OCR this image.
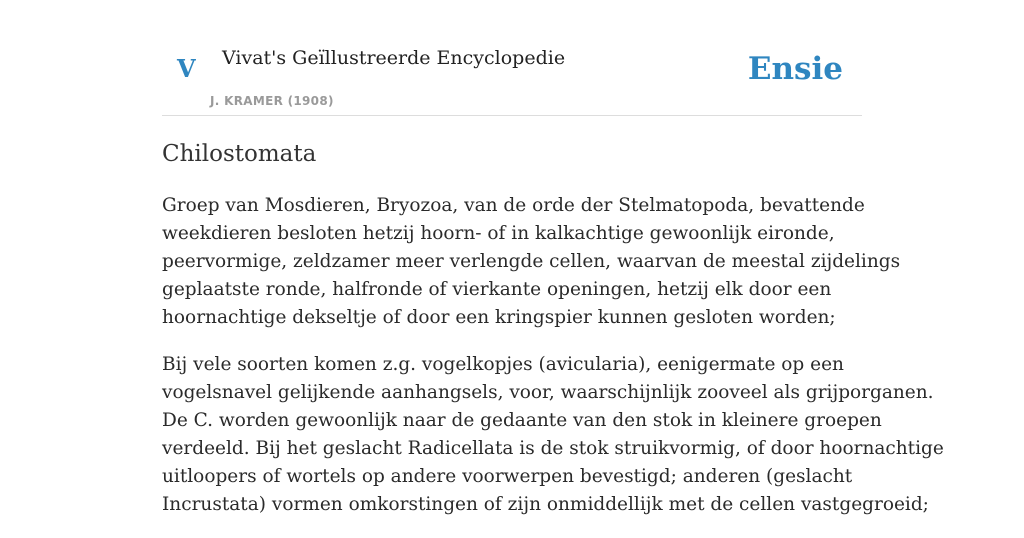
V Vivat's Geïllustreerde Encyclopedie
J. KRAMER (1908)
Ensie
Chilostomata

Groep van Mosdieren, Bryozoa, van de orde der Stelmatopoda, bevattende
weekdieren besloten hetzij hoorn- of in kalkachtige gewoonlijk eironde,
peervormige, zeldzamer meer verlengde cellen, waarvan de meestal zijdelings
geplaatste ronde, halfronde of vierkante openingen, hetzij elk door een
hoornachtige dekseltje of door een kringspier kunnen gesloten worden;

Bij vele soorten komen z.g. vogelkopjes (avicularia), eenigermate op een
vogelsnavel gelijkende aanhangsels, voor, waarschijnlijk zooveel als grijporganen.
De C. worden gewoonlijk naar de gedaante van den stok in kleinere groepen
verdeeld. Bij het geslacht Radicellata is de stok struikvormig, of door hoornachtige
uitloopers of wortels op andere voorwerpen bevestigd; anderen (geslacht
Incrustata) vormen omkorstingen of zijn onmiddellijk met de cellen vastgegroeid;
